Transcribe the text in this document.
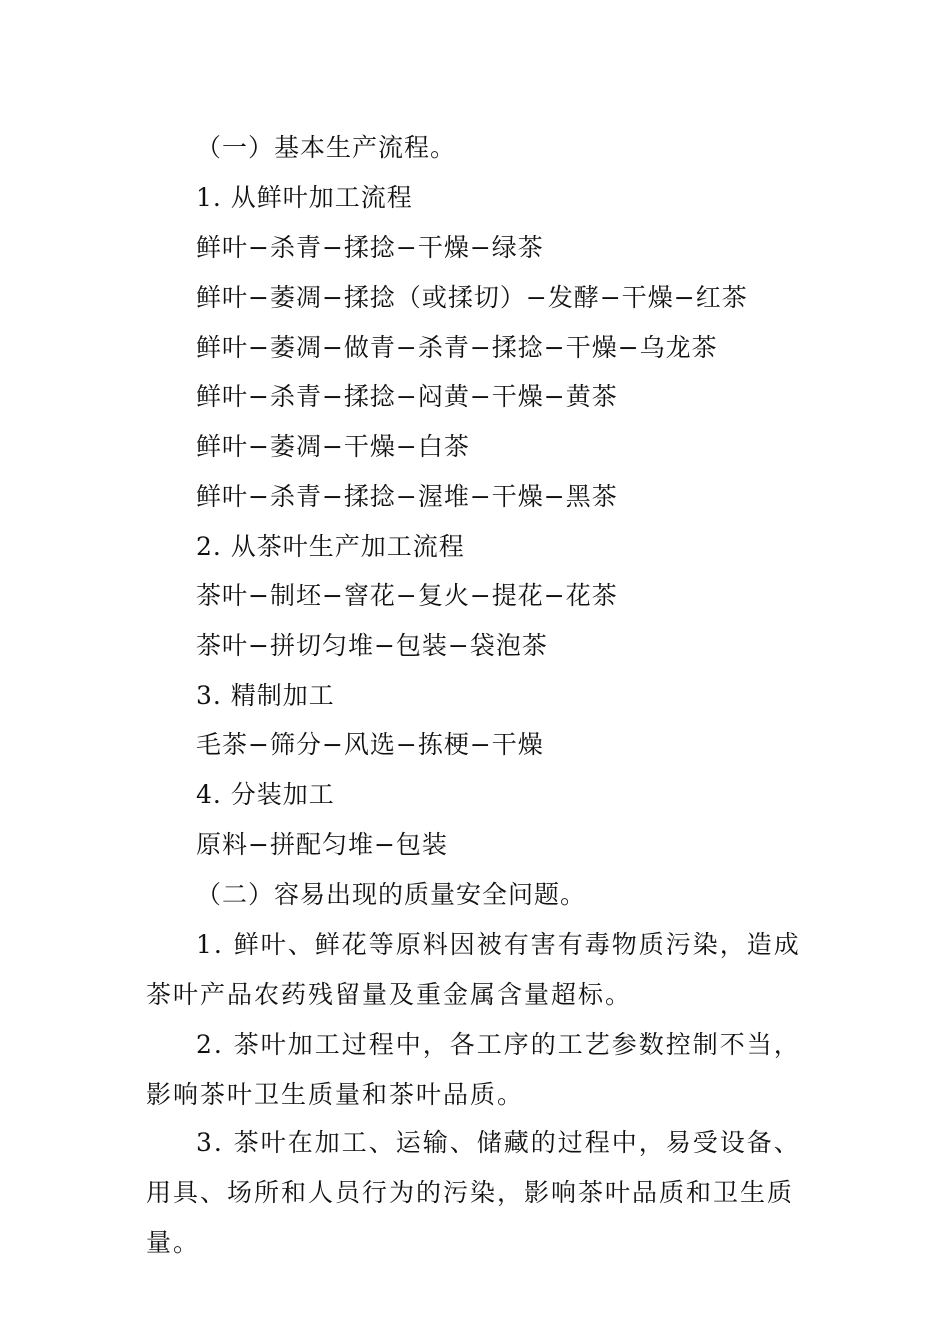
（一）基本生产流程。
1. 从鲜叶加工流程
鲜叶−杀青−揉捻−干燥−绿茶
鲜叶−萎凋−揉捻（或揉切）−发酵−干燥−红茶
鲜叶−萎凋−做青−杀青−揉捻−干燥−乌龙茶
鲜叶−杀青−揉捻−闷黄−干燥−黄茶
鲜叶−萎凋−干燥−白茶
鲜叶−杀青−揉捻−渥堆−干燥−黑茶
2. 从茶叶生产加工流程
茶叶−制坯−窨花−复火−提花−花茶
茶叶−拼切匀堆−包装−袋泡茶
3. 精制加工
毛茶−筛分−风选−拣梗−干燥
4. 分装加工
原料−拼配匀堆−包装
（二）容易出现的质量安全问题。
1. 鲜叶、鲜花等原料因被有害有毒物质污染，造成茶叶产品农药残留量及重金属含量超标。
2. 茶叶加工过程中，各工序的工艺参数控制不当，影响茶叶卫生质量和茶叶品质。
3. 茶叶在加工、运输、储藏的过程中，易受设备、用具、场所和人员行为的污染，影响茶叶品质和卫生质量。
